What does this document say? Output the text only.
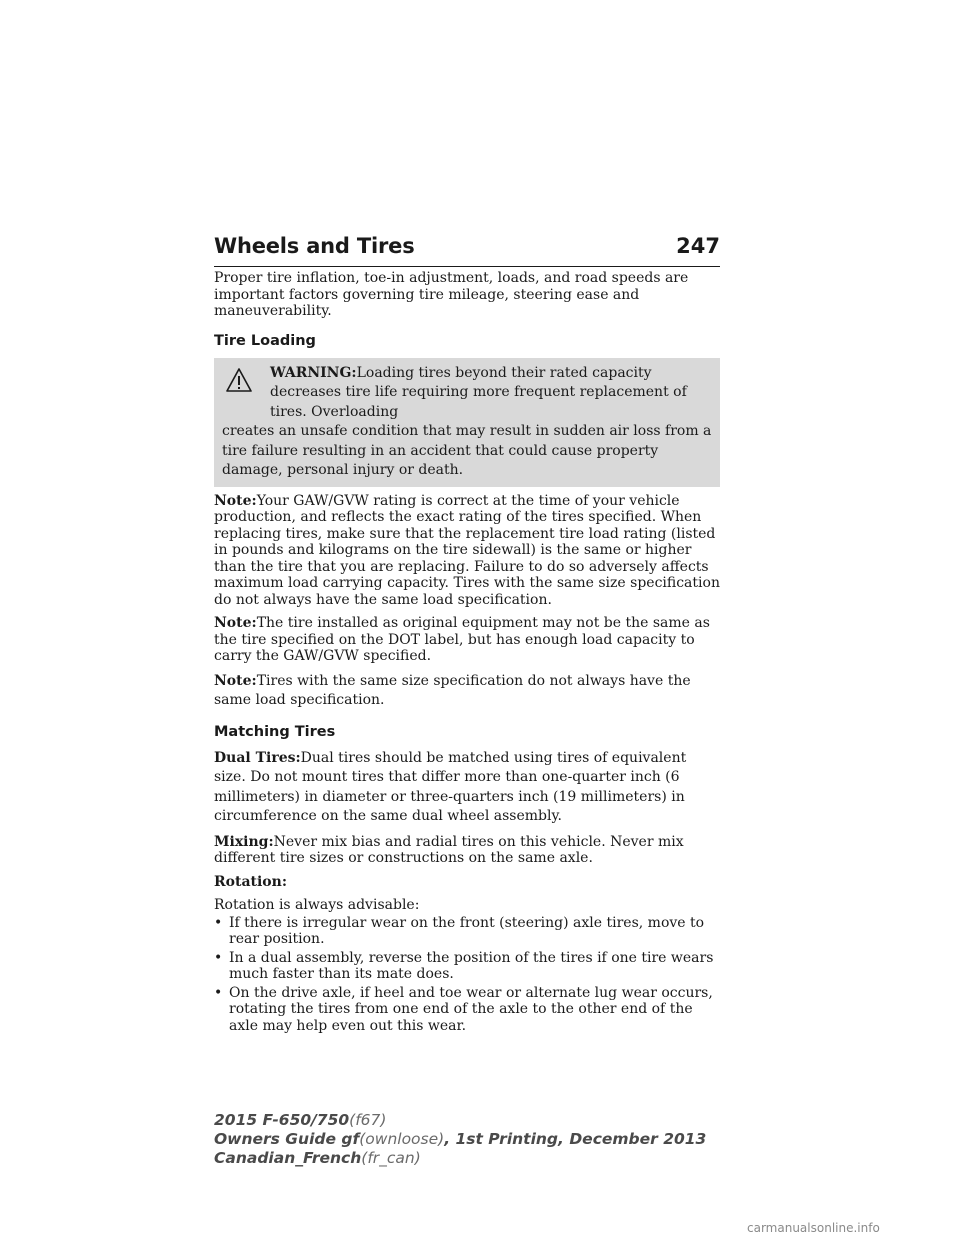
Wheels and Tires	247

Proper tire inflation, toe-in adjustment, loads, and road speeds are important factors governing tire mileage, steering ease and maneuverability.

Tire Loading
WARNING:Loading tires beyond their rated capacity decreases tire life requiring more frequent replacement of tires. Overloading
creates an unsafe condition that may result in sudden air loss from a tire failure resulting in an accident that could cause property damage, personal injury or death.

Note:Your GAW/GVW rating is correct at the time of your vehicle production, and reflects the exact rating of the tires specified. When replacing tires, make sure that the replacement tire load rating (listed in pounds and kilograms on the tire sidewall) is the same or higher than the tire that you are replacing. Failure to do so adversely affects maximum load carrying capacity. Tires with the same size specification do not always have the same load specification.

Note:The tire installed as original equipment may not be the same as the tire specified on the DOT label, but has enough load capacity to carry the GAW/GVW specified.

Note:Tires with the same size specification do not always have the same load specification.

Matching Tires

Dual Tires:Dual tires should be matched using tires of equivalent size. Do not mount tires that differ more than one-quarter inch (6 millimeters) in diameter or three-quarters inch (19 millimeters) in circumference on the same dual wheel assembly.

Mixing:Never mix bias and radial tires on this vehicle. Never mix different tire sizes or constructions on the same axle.

Rotation:

Rotation is always advisable:

• If there is irregular wear on the front (steering) axle tires, move to rear position.
• In a dual assembly, reverse the position of the tires if one tire wears much faster than its mate does.
• On the drive axle, if heel and toe wear or alternate lug wear occurs, rotating the tires from one end of the axle to the other end of the axle may help even out this wear.
2015 F-650/750(f67)
Owners Guide gf(ownloose), 1st Printing, December 2013
Canadian_French(fr_can)
carmanualsonline.info
